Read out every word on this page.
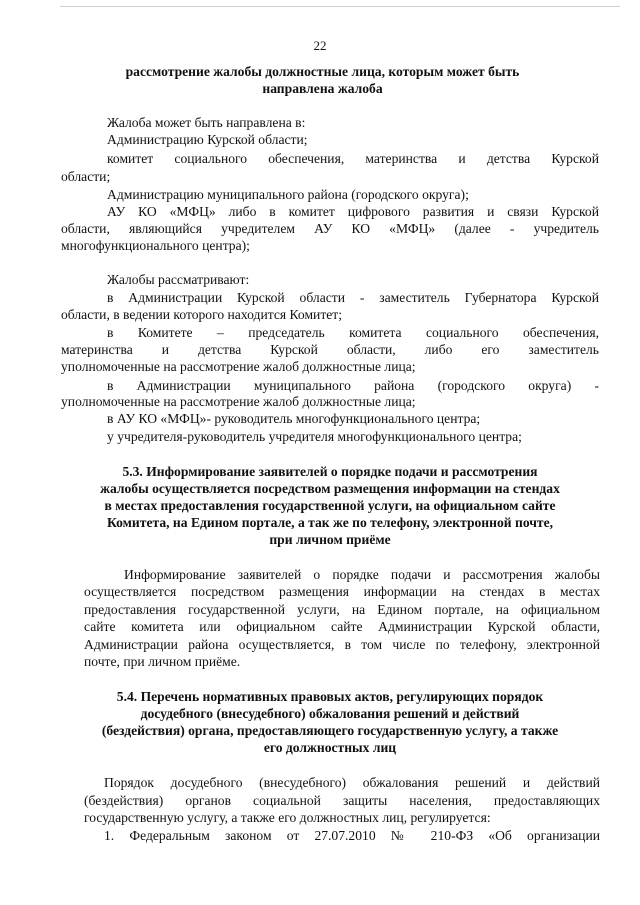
22
рассмотрение жалобы должностные лица, которым может быть
направлена жалоба
Жалоба может быть направлена в:
Администрацию Курской области;
комитет социального обеспечения, материнства и детства Курской
области;
Администрацию муниципального района (городского округа);
АУ КО «МФЦ» либо в комитет цифрового развития и связи Курской
области, являющийся учредителем АУ КО «МФЦ» (далее - учредитель
многофункционального центра);
Жалобы рассматривают:
в Администрации Курской области - заместитель Губернатора Курской
области, в ведении которого находится Комитет;
в Комитете – председатель комитета социального обеспечения,
материнства и детства Курской области, либо его заместитель
уполномоченные на рассмотрение жалоб должностные лица;
в Администрации муниципального района (городского округа) -
уполномоченные на рассмотрение жалоб должностные лица;
в АУ КО «МФЦ»- руководитель многофункционального центра;
у учредителя-руководитель учредителя многофункционального центра;
5.3. Информирование заявителей о порядке подачи и рассмотрения
жалобы осуществляется посредством размещения информации на стендах
в местах предоставления государственной услуги, на официальном сайте
Комитета, на Едином портале, а так же по телефону, электронной почте,
при личном приёме
Информирование заявителей о порядке подачи и рассмотрения жалобы
осуществляется посредством размещения информации на стендах в местах
предоставления государственной услуги, на Едином портале, на официальном
сайте комитета или официальном сайте Администрации Курской области,
Администрации района осуществляется, в том числе по телефону, электронной
почте, при личном приёме.
5.4. Перечень нормативных правовых актов, регулирующих порядок
досудебного (внесудебного) обжалования решений и действий
(бездействия) органа, предоставляющего государственную услугу, а также
его должностных лиц
Порядок досудебного (внесудебного) обжалования решений и действий
(бездействия) органов социальной защиты населения, предоставляющих
государственную услугу, а также его должностных лиц, регулируется:
1. Федеральным законом от 27.07.2010 № 210-ФЗ «Об организации
